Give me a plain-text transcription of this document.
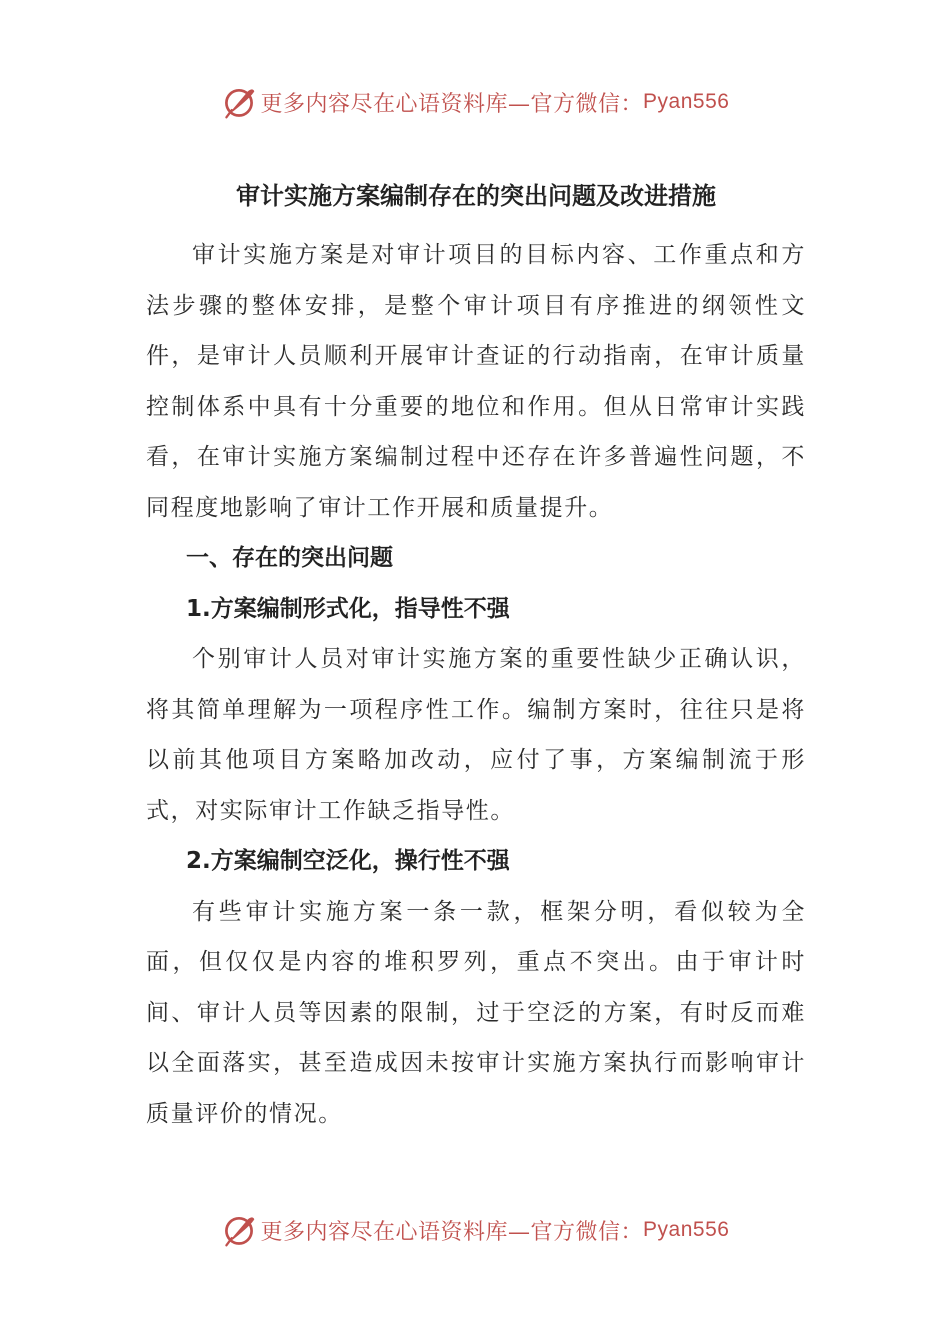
更多内容尽在心语资料库—官方微信： Pyan556
审计实施方案编制存在的突出问题及改进措施

审计实施方案是对审计项目的目标内容、工作重点和方法步骤的整体安排，是整个审计项目有序推进的纲领性文件，是审计人员顺利开展审计查证的行动指南，在审计质量控制体系中具有十分重要的地位和作用。但从日常审计实践看，在审计实施方案编制过程中还存在许多普遍性问题，不同程度地影响了审计工作开展和质量提升。

一、存在的突出问题

1.方案编制形式化，指导性不强

个别审计人员对审计实施方案的重要性缺少正确认识，将其简单理解为一项程序性工作。编制方案时，往往只是将以前其他项目方案略加改动，应付了事，方案编制流于形式，对实际审计工作缺乏指导性。

2.方案编制空泛化，操行性不强

有些审计实施方案一条一款，框架分明，看似较为全面，但仅仅是内容的堆积罗列，重点不突出。由于审计时间、审计人员等因素的限制，过于空泛的方案，有时反而难以全面落实，甚至造成因未按审计实施方案执行而影响审计质量评价的情况。

更多内容尽在心语资料库—官方微信： Pyan556
